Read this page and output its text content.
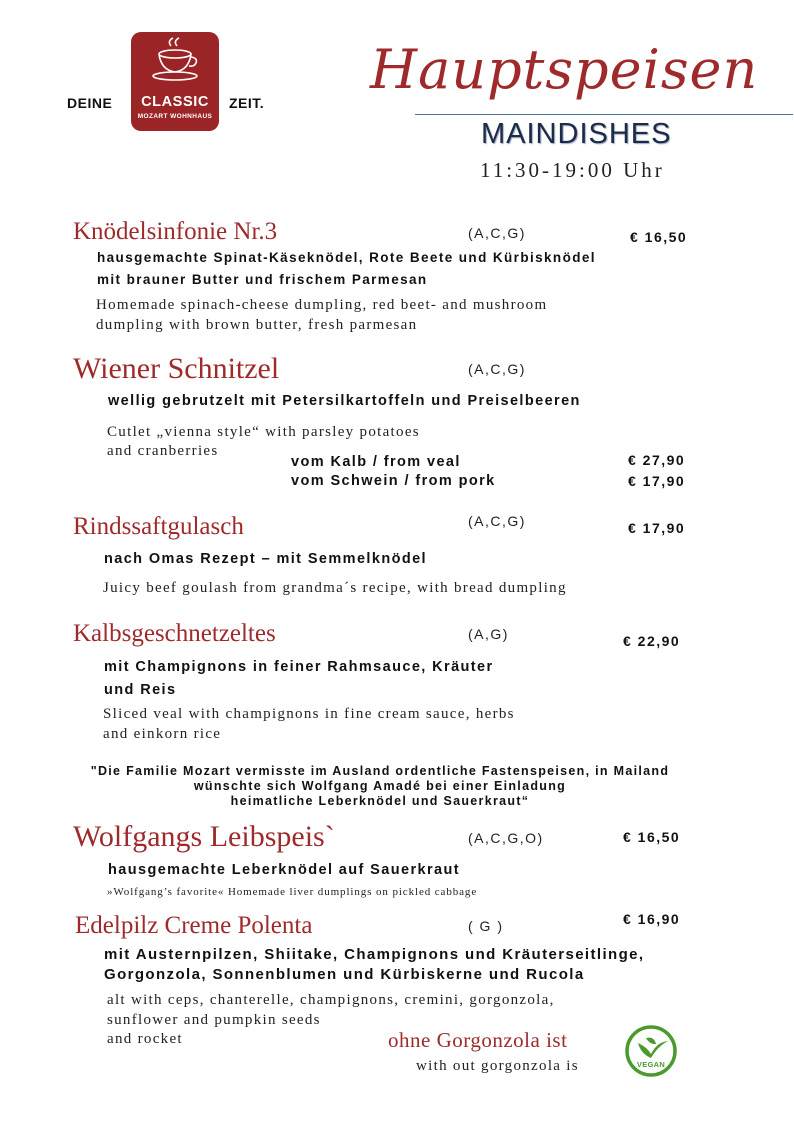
DEINE	CLASSIC
MOZART WOHNHAUS
ZEIT.
Hauptspeisen
MAINDISHES
11:30-19:00 Uhr
Knödelsinfonie Nr.3	(A,C,G)	€ 16,50
hausgemachte Spinat-Käseknödel, Rote Beete und Kürbisknödel
mit brauner Butter und frischem Parmesan
Homemade spinach-cheese dumpling, red beet- and mushroom
dumpling with brown butter, fresh parmesan
Wiener Schnitzel	(A,C,G)
wellig gebrutzelt mit Petersilkartoffeln und Preiselbeeren
Cutlet „vienna style“ with parsley potatoes
and cranberries
vom Kalb / from veal	€ 27,90
vom Schwein / from pork	€ 17,90
Rindssaftgulasch	(A,C,G)	€ 17,90
nach Omas Rezept – mit Semmelknödel
Juicy beef goulash from grandma´s recipe, with bread dumpling
Kalbsgeschnetzeltes	(A,G)	€ 22,90
mit Champignons in feiner Rahmsauce, Kräuter
und Reis
Sliced veal with champignons in fine cream sauce, herbs
and einkorn rice
"Die Familie Mozart vermisste im Ausland ordentliche Fastenspeisen, in Mailand
wünschte sich Wolfgang Amadé bei einer Einladung
heimatliche Leberknödel und Sauerkraut“
Wolfgangs Leibspeis`	(A,C,G,O)	€ 16,50
hausgemachte Leberknödel auf Sauerkraut
»Wolfgang’s favorite« Homemade liver dumplings on pickled cabbage
Edelpilz Creme Polenta	( G )	€ 16,90
mit Austernpilzen, Shiitake, Champignons und Kräuterseitlinge,
Gorgonzola, Sonnenblumen und Kürbiskerne und Rucola
alt with ceps, chanterelle, champignons, cremini, gorgonzola,
sunflower and pumpkin seeds
and rocket	ohne Gorgonzola ist
with out gorgonzola is	VEGAN
